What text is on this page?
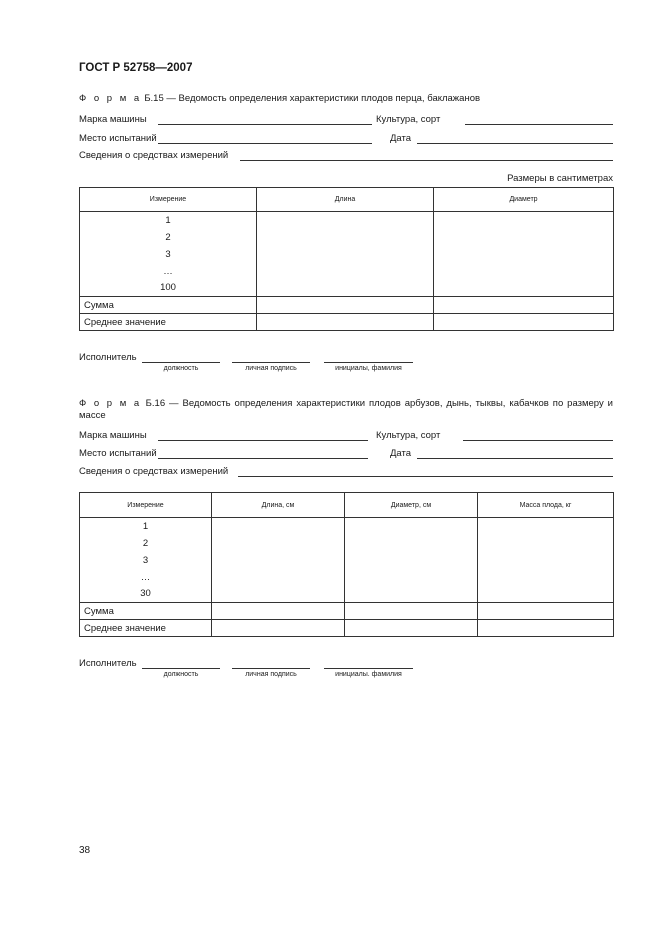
ГОСТ Р 52758—2007
Ф о р м а Б.15 — Ведомость определения характеристики плодов перца, баклажанов
Марка машины	Культура, сорт
Место испытаний	Дата
Сведения о средствах измерений
Размеры в сантиметрах
Измерение	Длина	Диаметр

1
2
3
…
100		

Сумма		
Среднее значение		
Исполнитель
должность	личная подпись	инициалы, фамилия
Ф о р м а Б.16 — Ведомость определения характеристики плодов арбузов, дынь, тыквы, кабачков по размеру и
массе
Марка машины	Культура, сорт
Место испытаний	Дата
Сведения о средствах измерений
Измерение	Длина, см	Диаметр, см	Масса плода, кг

1
2
3
…
30			

Сумма			
Среднее значение			
Исполнитель
должность	личная подпись	инициалы. фамилия
38
